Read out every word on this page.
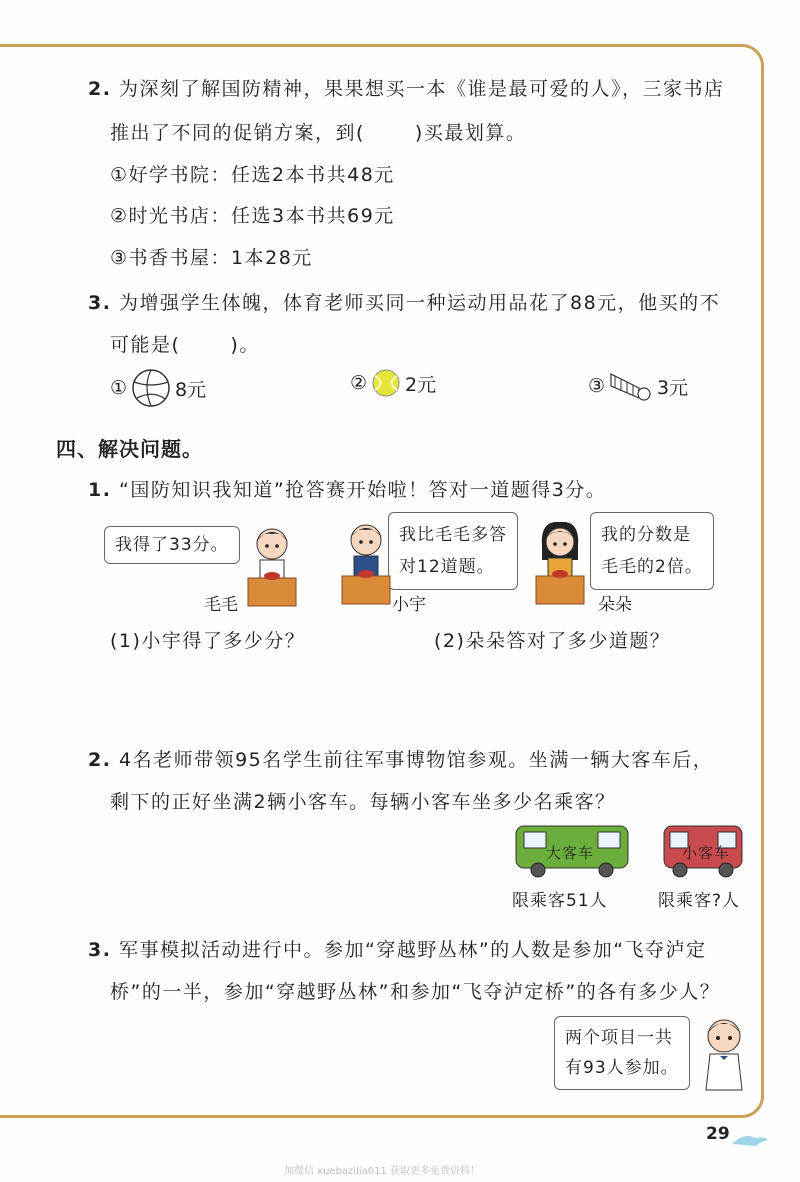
2. 为深刻了解国防精神，果果想买一本《谁是最可爱的人》，三家书店
推出了不同的促销方案，到(	)买最划算。
①好学书院：任选2本书共48元
②时光书店：任选3本书共69元
③书香书屋：1本28元
3. 为增强学生体魄，体育老师买同一种运动用品花了88元，他买的不
可能是(	)。
①	8元	② 2元	③	3元
四、解决问题。
1. “国防知识我知道”抢答赛开始啦！答对一道题得3分。
我得了33分。	我比毛毛多答
对12道题。
我的分数是
毛毛的2倍。
毛毛	小宇	朵朵
(1)小宇得了多少分？	(2)朵朵答对了多少道题？
2. 4名老师带领95名学生前往军事博物馆参观。坐满一辆大客车后，
剩下的正好坐满2辆小客车。每辆小客车坐多少名乘客？
大客车	小客车
限乘客51人	限乘客?人
3. 军事模拟活动进行中。参加“穿越野丛林”的人数是参加“飞夺泸定
桥”的一半，参加“穿越野丛林”和参加“飞夺泸定桥”的各有多少人？
两个项目一共
有93人参加。
29
加微信 xuebazilia011 获取更多免费资料！
